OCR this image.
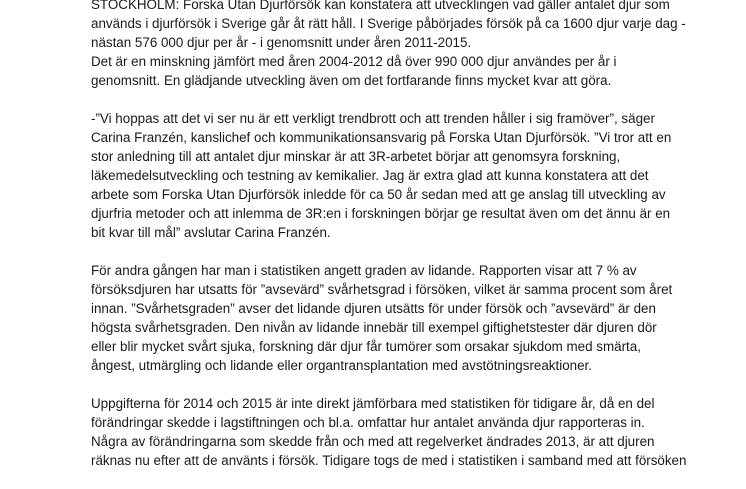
STOCKHOLM: Forska Utan Djurförsök kan konstatera att utvecklingen vad gäller antalet djur som
används i djurförsök i Sverige går åt rätt håll. I Sverige påbörjades försök på ca 1600 djur varje dag -
nästan 576 000 djur per år - i genomsnitt under åren 2011-2015.
Det är en minskning jämfört med åren 2004-2012 då över 990 000 djur användes per år i
genomsnitt. En glädjande utveckling även om det fortfarande finns mycket kvar att göra.
-”Vi hoppas att det vi ser nu är ett verkligt trendbrott och att trenden håller i sig framöver”, säger
Carina Franzén, kanslichef och kommunikationsansvarig på Forska Utan Djurförsök. ”Vi tror att en
stor anledning till att antalet djur minskar är att 3R-arbetet börjar att genomsyra forskning,
läkemedelsutveckling och testning av kemikalier. Jag är extra glad att kunna konstatera att det
arbete som Forska Utan Djurförsök inledde för ca 50 år sedan med att ge anslag till utveckling av
djurfria metoder och att inlemma de 3R:en i forskningen börjar ge resultat även om det ännu är en
bit kvar till mål” avslutar Carina Franzén.
För andra gången har man i statistiken angett graden av lidande. Rapporten visar att 7 % av
försöksdjuren har utsatts för ”avsevärd” svårhetsgrad i försöken, vilket är samma procent som året
innan. ”Svårhetsgraden” avser det lidande djuren utsätts för under försök och ”avsevärd” är den
högsta svårhetsgraden. Den nivån av lidande innebär till exempel giftighetstester där djuren dör
eller blir mycket svårt sjuka, forskning där djur får tumörer som orsakar sjukdom med smärta,
ångest, utmärgling och lidande eller organtransplantation med avstötningsreaktioner.
Uppgifterna för 2014 och 2015 är inte direkt jämförbara med statistiken för tidigare år, då en del
förändringar skedde i lagstiftningen och bl.a. omfattar hur antalet använda djur rapporteras in.
Några av förändringarna som skedde från och med att regelverket ändrades 2013, är att djuren
räknas nu efter att de använts i försök. Tidigare togs de med i statistiken i samband med att försöken
